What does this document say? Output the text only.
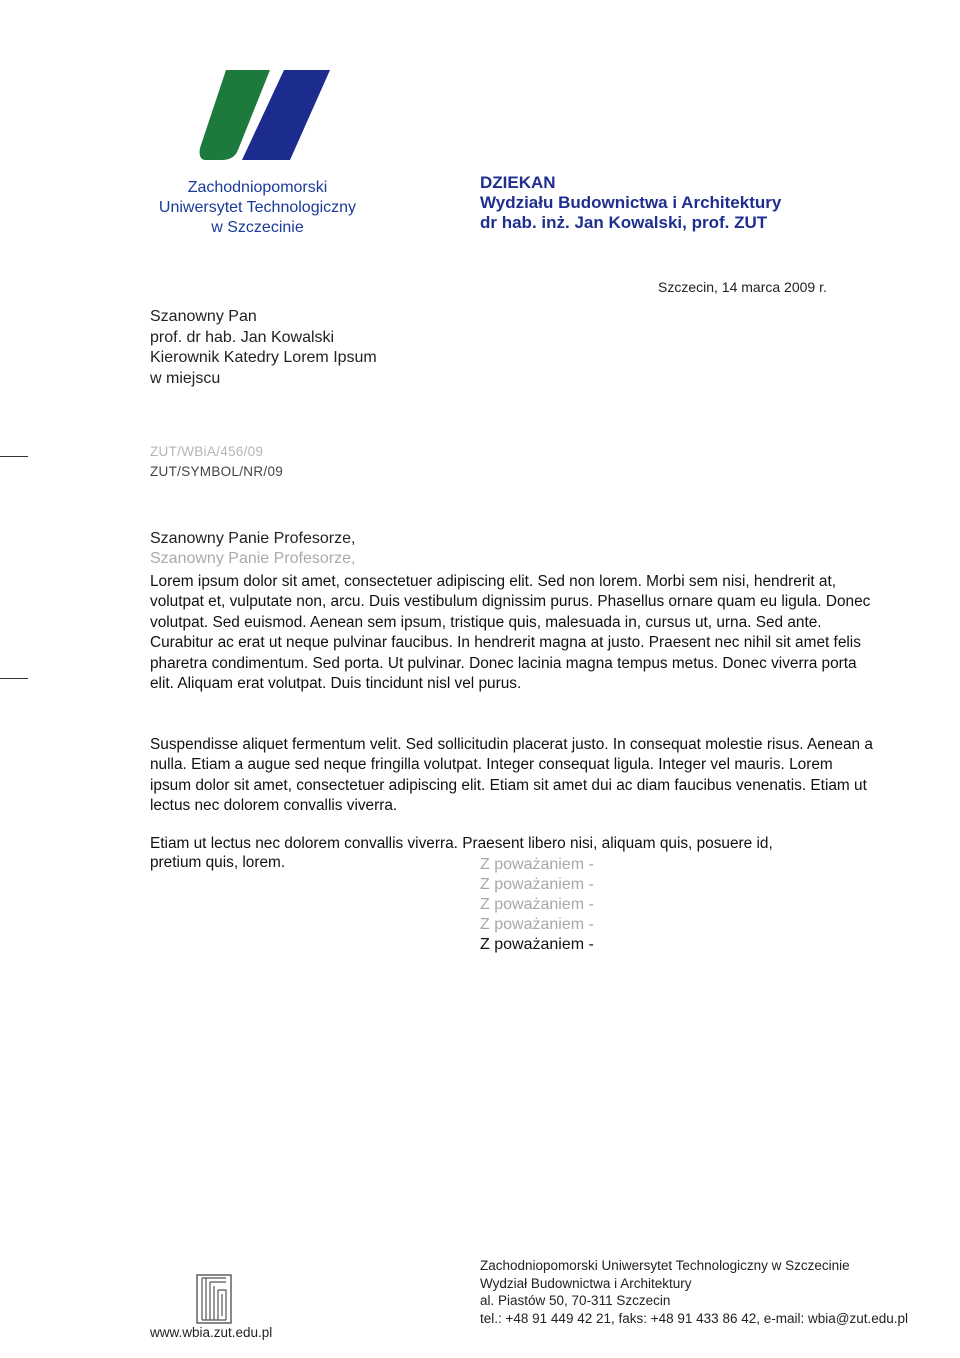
Zachodniopomorski
Uniwersytet Technologiczny
w Szczecinie
DZIEKAN
Wydziału Budownictwa i Architektury
dr hab. inż. Jan Kowalski, prof. ZUT
Szczecin, 14 marca 2009 r.
Szanowny Pan
prof. dr hab. Jan Kowalski
Kierownik Katedry Lorem Ipsum
w miejscu
ZUT/WBiA/456/09
ZUT/SYMBOL/NR/09
Szanowny Panie Profesorze,
Szanowny Panie Profesorze,
Lorem ipsum dolor sit amet, consectetuer adipiscing elit. Sed non lorem. Morbi sem nisi, hendrerit at, volutpat et, vulputate non, arcu. Duis vestibulum dignissim purus. Phasellus ornare quam eu ligula. Donec volutpat. Sed euismod. Aenean sem ipsum, tristique quis, malesuada in, cursus ut, urna. Sed ante. Curabitur ac erat ut neque pulvinar faucibus. In hendrerit magna at justo. Praesent nec nihil sit amet felis pharetra condimentum. Sed porta. Ut pulvinar. Donec lacinia magna tempus metus. Donec viverra porta elit. Aliquam erat volutpat. Duis tincidunt nisl vel purus.
Suspendisse aliquet fermentum velit. Sed sollicitudin placerat justo. In consequat molestie risus. Aenean a nulla. Etiam a augue sed neque fringilla volutpat. Integer consequat ligula. Integer vel mauris. Lorem ipsum dolor sit amet, consectetuer adipiscing elit. Etiam sit amet dui ac diam faucibus venenatis. Etiam ut lectus nec dolorem convallis viverra.
Etiam ut lectus nec dolorem convallis viverra. Praesent libero nisi, aliquam quis, posuere id,
pretium quis, lorem.	Z poważaniem -
Z poważaniem -
Z poważaniem -
Z poważaniem -
Z poważaniem -
www.wbia.zut.edu.pl
Zachodniopomorski Uniwersytet Technologiczny w Szczecinie
Wydział Budownictwa i Architektury
al. Piastów 50, 70-311 Szczecin
tel.: +48 91 449 42 21, faks: +48 91 433 86 42, e-mail: wbia@zut.edu.pl
